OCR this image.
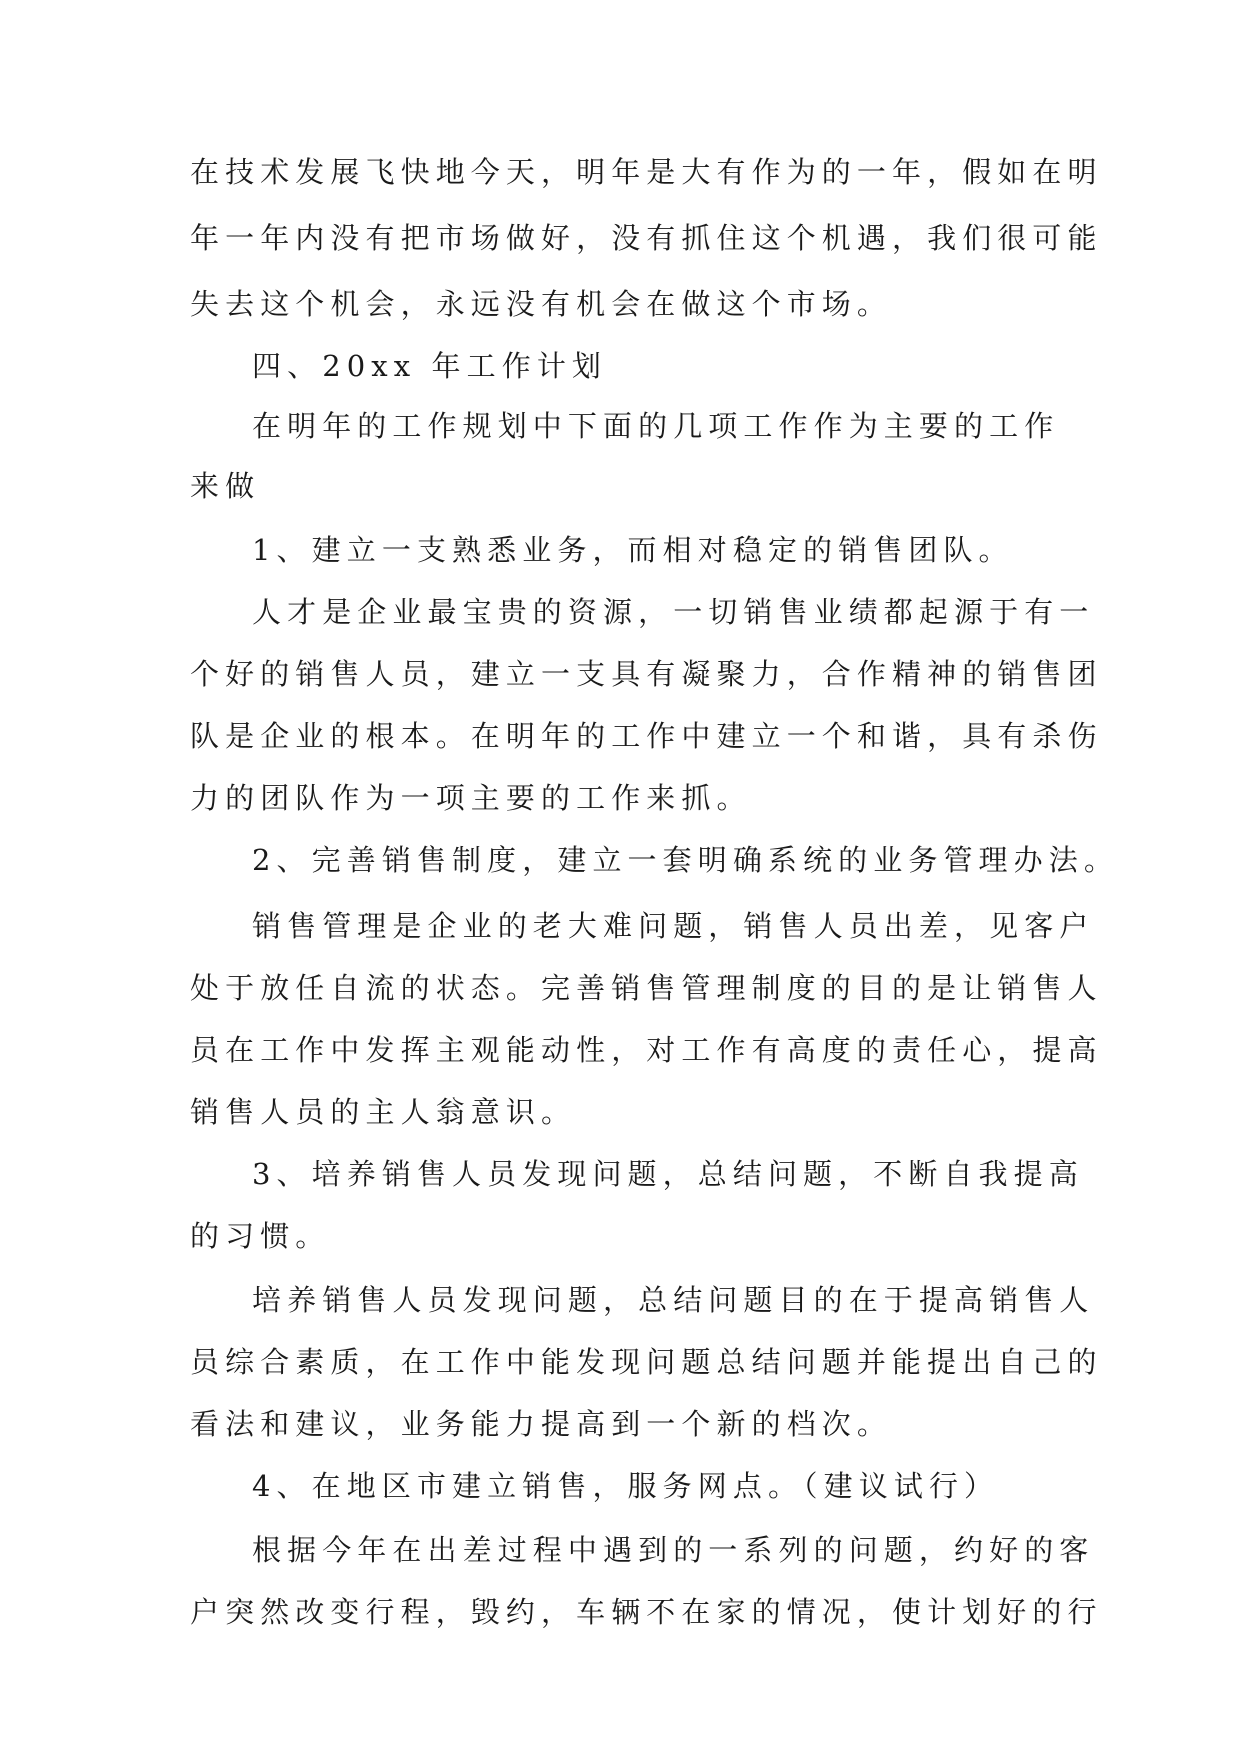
在技术发展飞快地今天，明年是大有作为的一年，假如在明
年一年内没有把市场做好，没有抓住这个机遇，我们很可能
失去这个机会，永远没有机会在做这个市场。
四、20xx 年工作计划
在明年的工作规划中下面的几项工作作为主要的工作
来做
1、建立一支熟悉业务，而相对稳定的销售团队。
人才是企业最宝贵的资源，一切销售业绩都起源于有一
个好的销售人员，建立一支具有凝聚力，合作精神的销售团
队是企业的根本。在明年的工作中建立一个和谐，具有杀伤
力的团队作为一项主要的工作来抓。
2、完善销售制度，建立一套明确系统的业务管理办法。
销售管理是企业的老大难问题，销售人员出差，见客户
处于放任自流的状态。完善销售管理制度的目的是让销售人
员在工作中发挥主观能动性，对工作有高度的责任心，提高
销售人员的主人翁意识。
3、培养销售人员发现问题，总结问题，不断自我提高
的习惯。
培养销售人员发现问题，总结问题目的在于提高销售人
员综合素质，在工作中能发现问题总结问题并能提出自己的
看法和建议，业务能力提高到一个新的档次。
4、在地区市建立销售，服务网点。（建议试行）
根据今年在出差过程中遇到的一系列的问题，约好的客
户突然改变行程，毁约，车辆不在家的情况，使计划好的行
